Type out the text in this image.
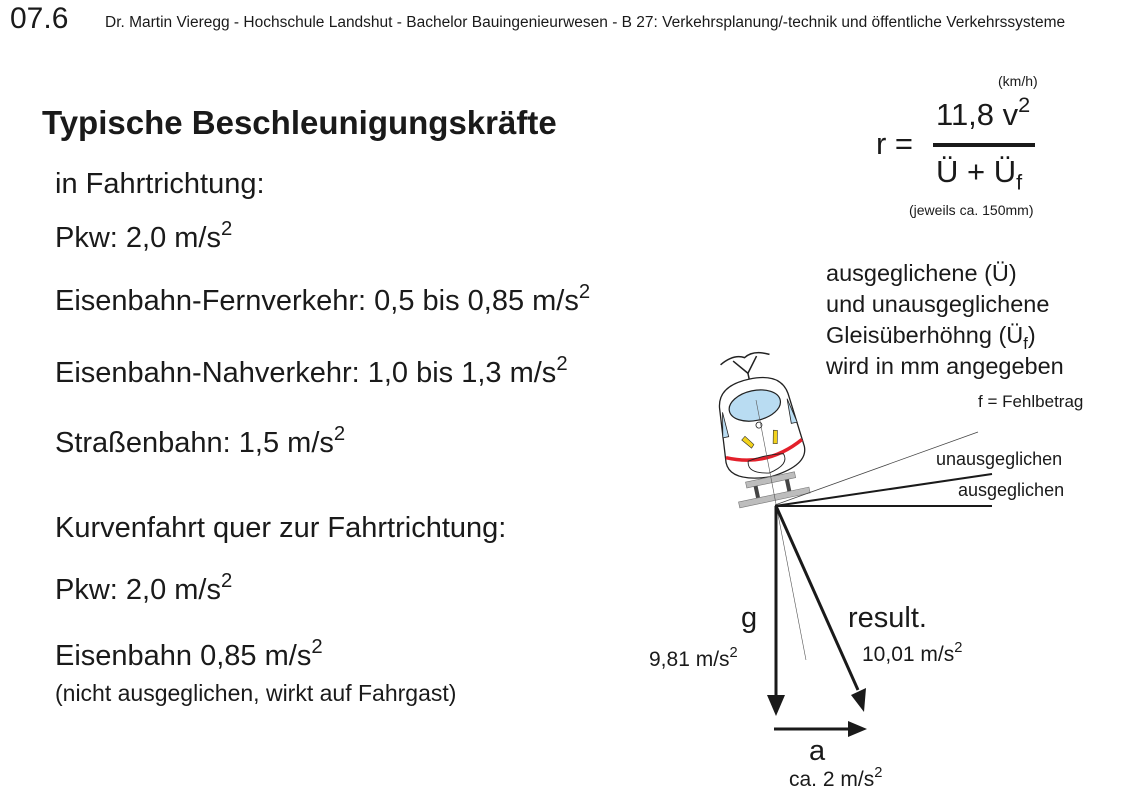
07.6 Dr. Martin Vieregg - Hochschule Landshut - Bachelor Bauingenieurwesen - B 27: Verkehrsplanung/-technik und öffentliche Verkehrssysteme
Typische Beschleunigungskräfte
in Fahrtrichtung:
Pkw: 2,0 $m/s^2$
Eisenbahn-Fernverkehr: 0,5 bis 0,85 $m/s^2$
Eisenbahn-Nahverkehr: 1,0 bis 1,3 $m/s^2$
Straßenbahn: 1,5 $m/s^2$
Kurvenfahrt quer zur Fahrtrichtung:
Pkw: 2,0 $m/s^2$
Eisenbahn 0,85 $m/s^2$
(nicht ausgeglichen, wirkt auf Fahrgast)
(km/h)
r =
11,8 $v^2$
Ü + $Ü_f$
(jeweils ca. 150mm)
ausgeglichene (Ü)
und unausgeglichene
Gleisüberhöhng $(Ü_f)$
wird in mm angegeben
f = Fehlbetrag
unausgeglichen
ausgeglichen
g
9,81 $m/s^2$
result.
10,01 $m/s^2$
a
ca. 2 $m/s^2$
